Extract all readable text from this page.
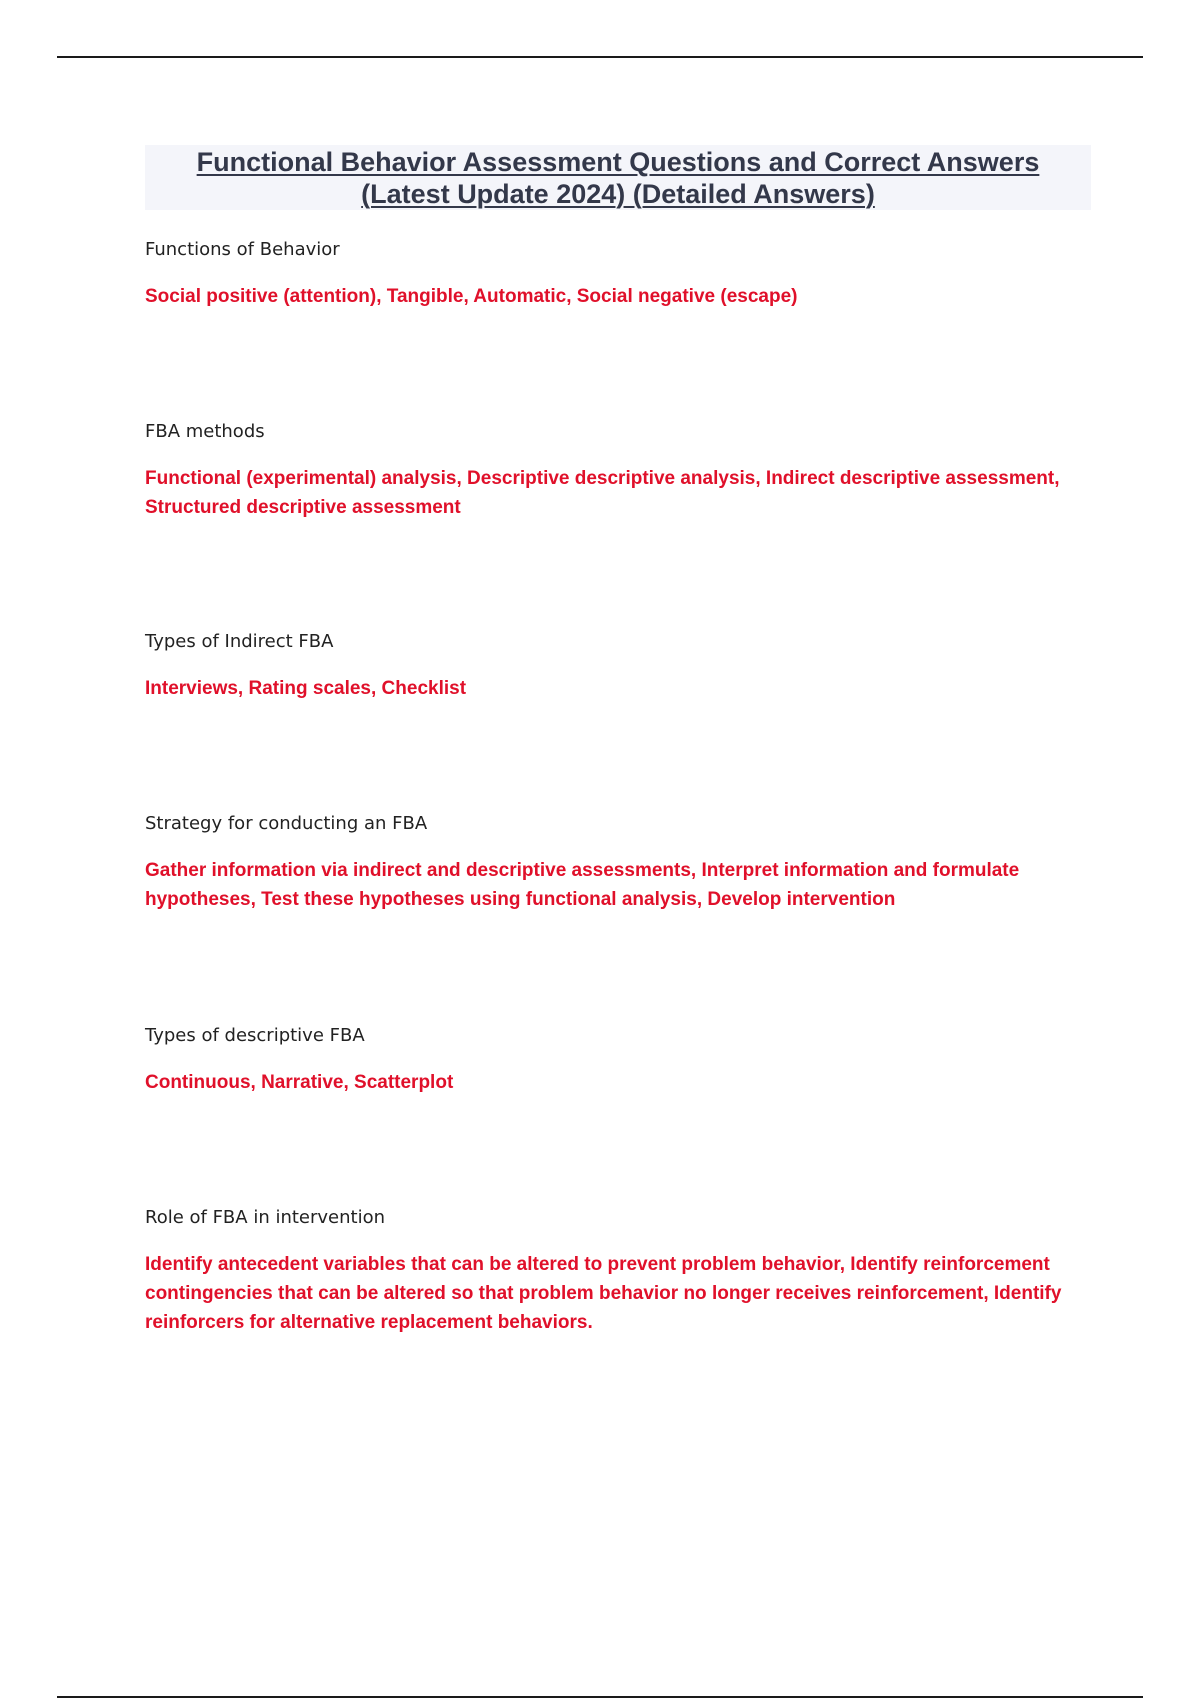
Functional Behavior Assessment Questions and Correct Answers
(Latest Update 2024) (Detailed Answers)

Functions of Behavior

Social positive (attention), Tangible, Automatic, Social negative (escape)

FBA methods

Functional (experimental) analysis, Descriptive descriptive analysis, Indirect descriptive assessment, Structured descriptive assessment

Types of Indirect FBA

Interviews, Rating scales, Checklist

Strategy for conducting an FBA

Gather information via indirect and descriptive assessments, Interpret information and formulate hypotheses, Test these hypotheses using functional analysis, Develop intervention

Types of descriptive FBA

Continuous, Narrative, Scatterplot

Role of FBA in intervention

Identify antecedent variables that can be altered to prevent problem behavior, Identify reinforcement contingencies that can be altered so that problem behavior no longer receives reinforcement, Identify reinforcers for alternative replacement behaviors.
